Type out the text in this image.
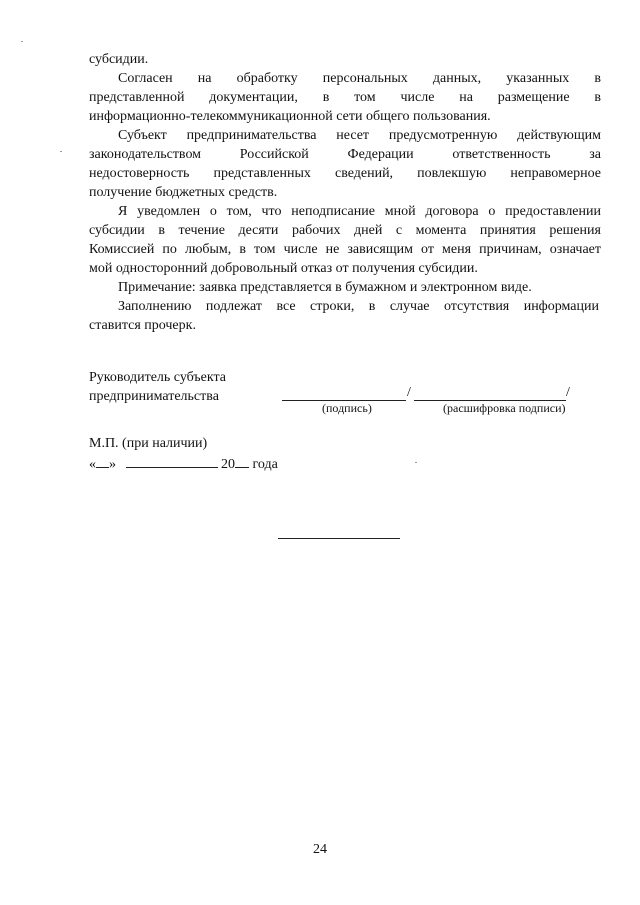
субсидии.
Согласен на обработку персональных данных, указанных в
представленной документации, в том числе на размещение в
информационно-телекоммуникационной сети общего пользования.
Субъект предпринимательства несет предусмотренную действующим
законодательством Российской Федерации ответственность за
недостоверность представленных сведений, повлекшую неправомерное
получение бюджетных средств.
Я уведомлен о том, что неподписание мной договора о предоставлении
субсидии в течение десяти рабочих дней с момента принятия решения
Комиссией по любым, в том числе не зависящим от меня причинам, означает
мой односторонний добровольный отказ от получения субсидии.
Примечание: заявка представляется в бумажном и электронном виде.
Заполнению подлежат все строки, в случае отсутствия информации
ставится прочерк.
Руководитель субъекта
предпринимательства	/	/
(подпись)	(расшифровка подписи)
М.П. (при наличии)
« »	20 года
24
